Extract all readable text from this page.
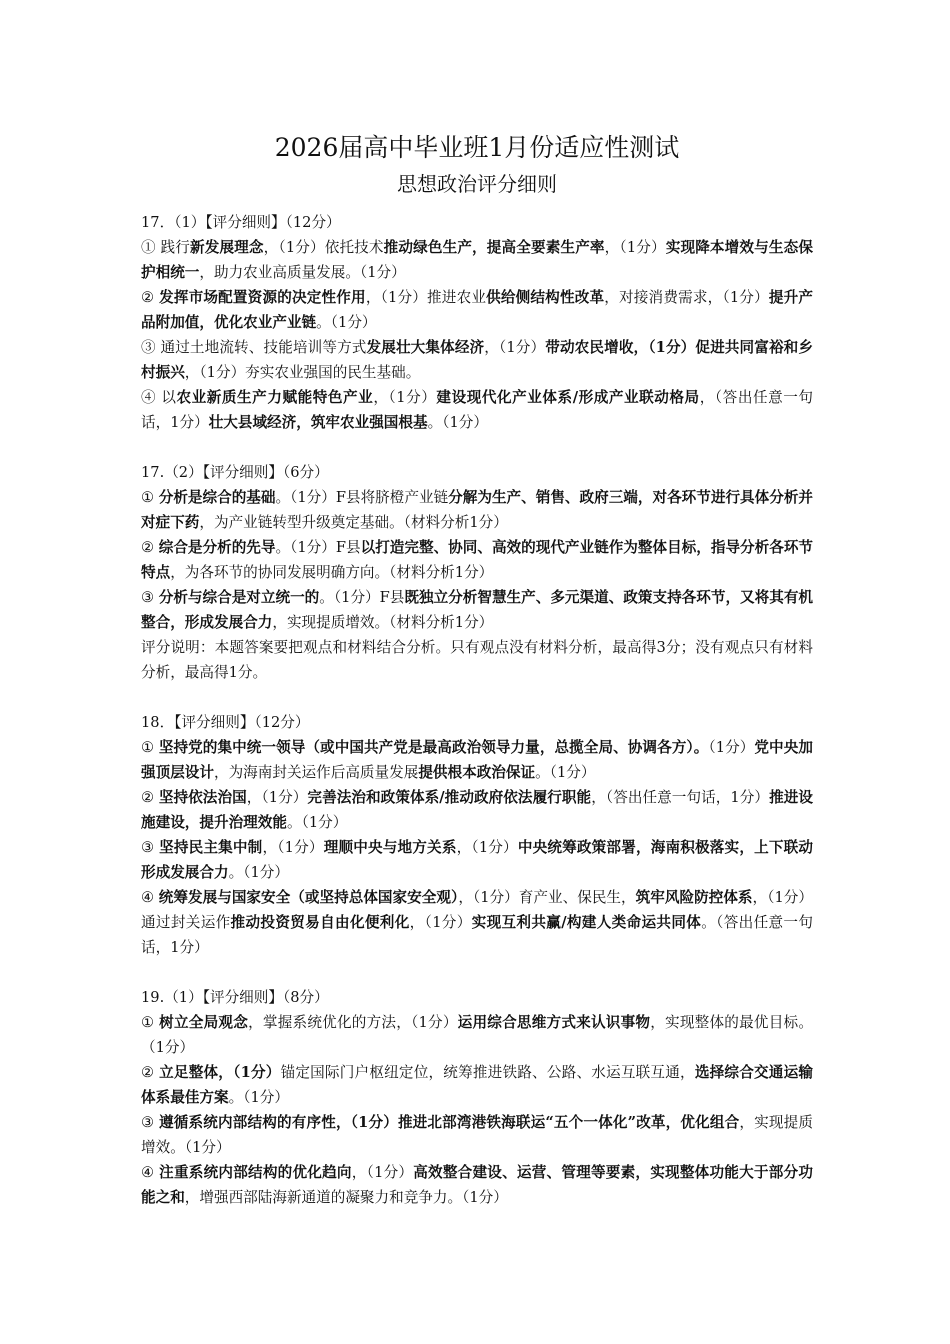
2026届高中毕业班1月份适应性测试
思想政治评分细则

17．（1）【评分细则】（12分）

① 践行新发展理念，（1分）依托技术推动绿色生产，提高全要素生产率，（1分）实现降本增效与生态保护相统一，助力农业高质量发展。（1分）

② 发挥市场配置资源的决定性作用，（1分）推进农业供给侧结构性改革，对接消费需求，（1分）提升产品附加值，优化农业产业链。（1分）

③ 通过土地流转、技能培训等方式发展壮大集体经济，（1分）带动农民增收，（1分）促进共同富裕和乡村振兴，（1分）夯实农业强国的民生基础。

④ 以农业新质生产力赋能特色产业，（1分）建设现代化产业体系/形成产业联动格局，（答出任意一句话，1分）壮大县域经济，筑牢农业强国根基。（1分）

17.（2）【评分细则】（6分）

① 分析是综合的基础。（1分）F县将脐橙产业链分解为生产、销售、政府三端，对各环节进行具体分析并对症下药，为产业链转型升级奠定基础。（材料分析1分）

② 综合是分析的先导。（1分）F县以打造完整、协同、高效的现代产业链作为整体目标，指导分析各环节特点，为各环节的协同发展明确方向。（材料分析1分）

③ 分析与综合是对立统一的。（1分）F县既独立分析智慧生产、多元渠道、政策支持各环节，又将其有机整合，形成发展合力，实现提质增效。（材料分析1分）

评分说明：本题答案要把观点和材料结合分析。只有观点没有材料分析，最高得3分；没有观点只有材料分析，最高得1分。

18．【评分细则】（12分）

① 坚持党的集中统一领导（或中国共产党是最高政治领导力量，总揽全局、协调各方）。（1分）党中央加强顶层设计，为海南封关运作后高质量发展提供根本政治保证。（1分）

② 坚持依法治国，（1分）完善法治和政策体系/推动政府依法履行职能，（答出任意一句话，1分）推进设施建设，提升治理效能。（1分）

③ 坚持民主集中制，（1分）理顺中央与地方关系，（1分）中央统筹政策部署，海南积极落实，上下联动形成发展合力。（1分）

④ 统筹发展与国家安全（或坚持总体国家安全观），（1分）育产业、保民生，筑牢风险防控体系，（1分）通过封关运作推动投资贸易自由化便利化，（1分）实现互利共赢/构建人类命运共同体。（答出任意一句话，1分）

19.（1）【评分细则】（8分）

① 树立全局观念，掌握系统优化的方法，（1分）运用综合思维方式来认识事物，实现整体的最优目标。（1分）

② 立足整体，（1分）锚定国际门户枢纽定位，统筹推进铁路、公路、水运互联互通，选择综合交通运输体系最佳方案。（1分）

③ 遵循系统内部结构的有序性，（1分）推进北部湾港铁海联运“五个一体化”改革，优化组合，实现提质增效。（1分）

④ 注重系统内部结构的优化趋向，（1分）高效整合建设、运营、管理等要素，实现整体功能大于部分功能之和，增强西部陆海新通道的凝聚力和竞争力。（1分）
